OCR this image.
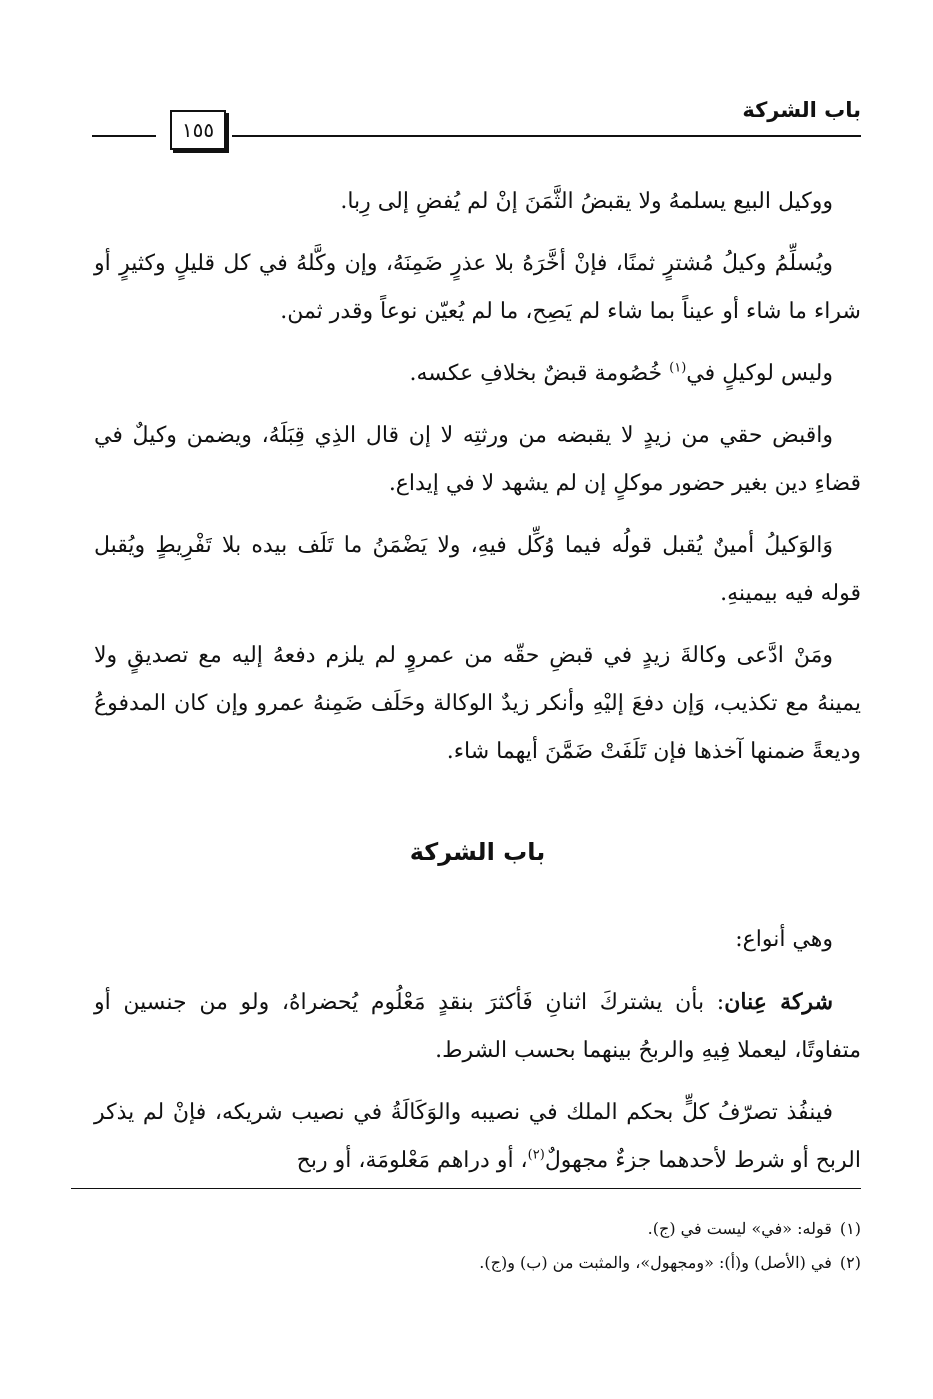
باب الشركة
١٥٥

ووكيل البيع يسلمهُ ولا يقبضُ الثَّمَنَ إنْ لم يُفضِ إلى رِبا.

ويُسلِّمُ وكيلُ مُشترٍ ثمنًا، فإنْ أخَّرَهُ بلا عذرٍ ضَمِنَهُ، وإن وكَّلهُ في كل قليلٍ وكثيرٍ أو شراء ما شاء أو عيناً بما شاء لم يَصِح، ما لم يُعيّن نوعاً وقدر ثمن.

وليس لوكيلٍ في$^{(١)}$ خُصُومة قبضٌ بخلافِ عكسه.

واقبض حقي من زيدٍ لا يقبضه من ورثتِه لا إن قال الذِي قِبَلَهُ، ويضمن وكيلٌ في قضاءِ دين بغير حضور موكلٍ إن لم يشهد لا في إيداع.

وَالوَكيلُ أمينٌ يُقبل قولُه فيما وُكِّل فيهِ، ولا يَضْمَنُ ما تَلَف بيده بلا تَفْرِيطٍ ويُقبل قوله فيه بيمينهِ.

ومَنْ ادَّعى وكالةَ زيدٍ في قبضِ حقّه من عمروٍ لم يلزم دفعهُ إليه مع تصديقٍ ولا يمينهُ مع تكذيب، وَإن دفعَ إليْهِ وأنكر زيدٌ الوكالة وحَلَف ضَمِنهُ عمرو وإن كان المدفوعُ وديعةً ضمنها آخذها فإن تَلَفَتْ ضَمَّنَ أيهما شاء.

باب الشركة

وهي أنواع:

شركة عِنان: بأن يشتركَ اثنانِ فَأكثرَ بنقدٍ مَعْلُوم يُحضراهُ، ولو من جنسين أو متفاوتًا، ليعملا فِيهِ والربحُ بينهما بحسب الشرط.

فينفُذ تصرّفُ كلٍّ بحكم الملك في نصيبه والوَكَالَةُ في نصيب شريكه، فإنْ لم يذكر الربح أو شرط لأحدهما جزءٌ مجهولٌ$^{(٢)}$، أو دراهم مَعْلومَة، أو ربح

(١)قوله: «في» ليست في (ج).
(٢)في (الأصل) و(أ): «ومجهول»، والمثبت من (ب) و(ج).
